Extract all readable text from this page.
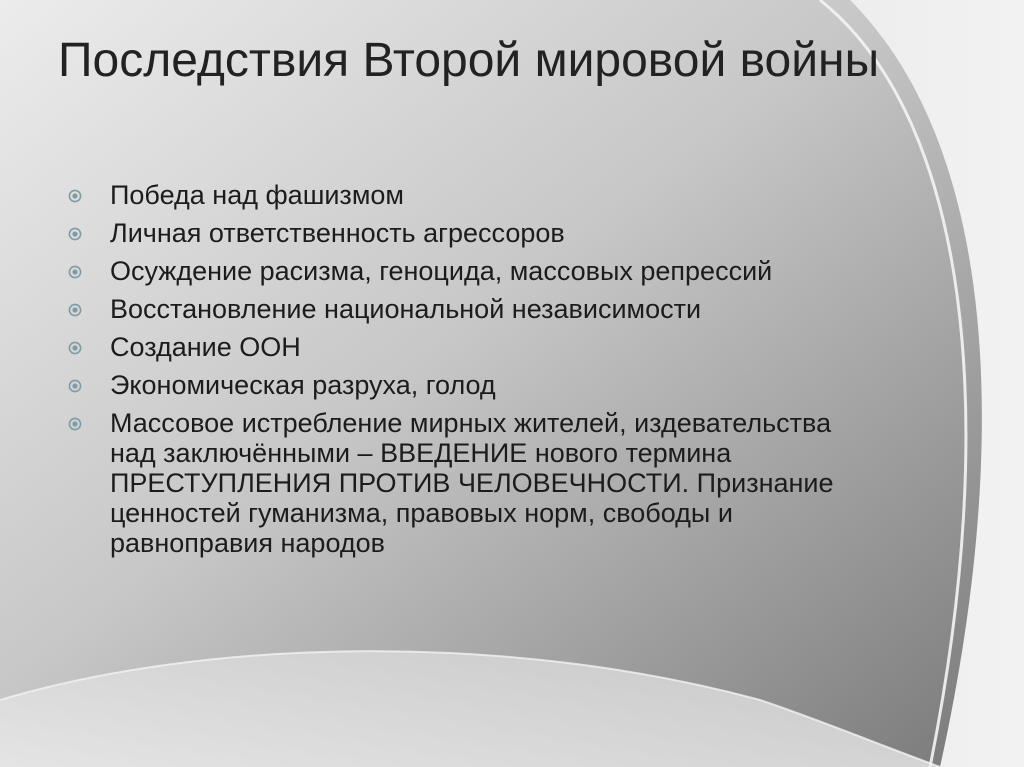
Последствия Второй мировой войны
Победа над фашизмом
Личная ответственность агрессоров
Осуждение расизма, геноцида, массовых репрессий
Восстановление национальной независимости
Создание ООН
Экономическая разруха, голод
Массовое истребление мирных жителей, издевательства над заключёнными – ВВЕДЕНИЕ нового термина ПРЕСТУПЛЕНИЯ ПРОТИВ ЧЕЛОВЕЧНОСТИ. Признание ценностей гуманизма, правовых норм, свободы и равноправия народов
